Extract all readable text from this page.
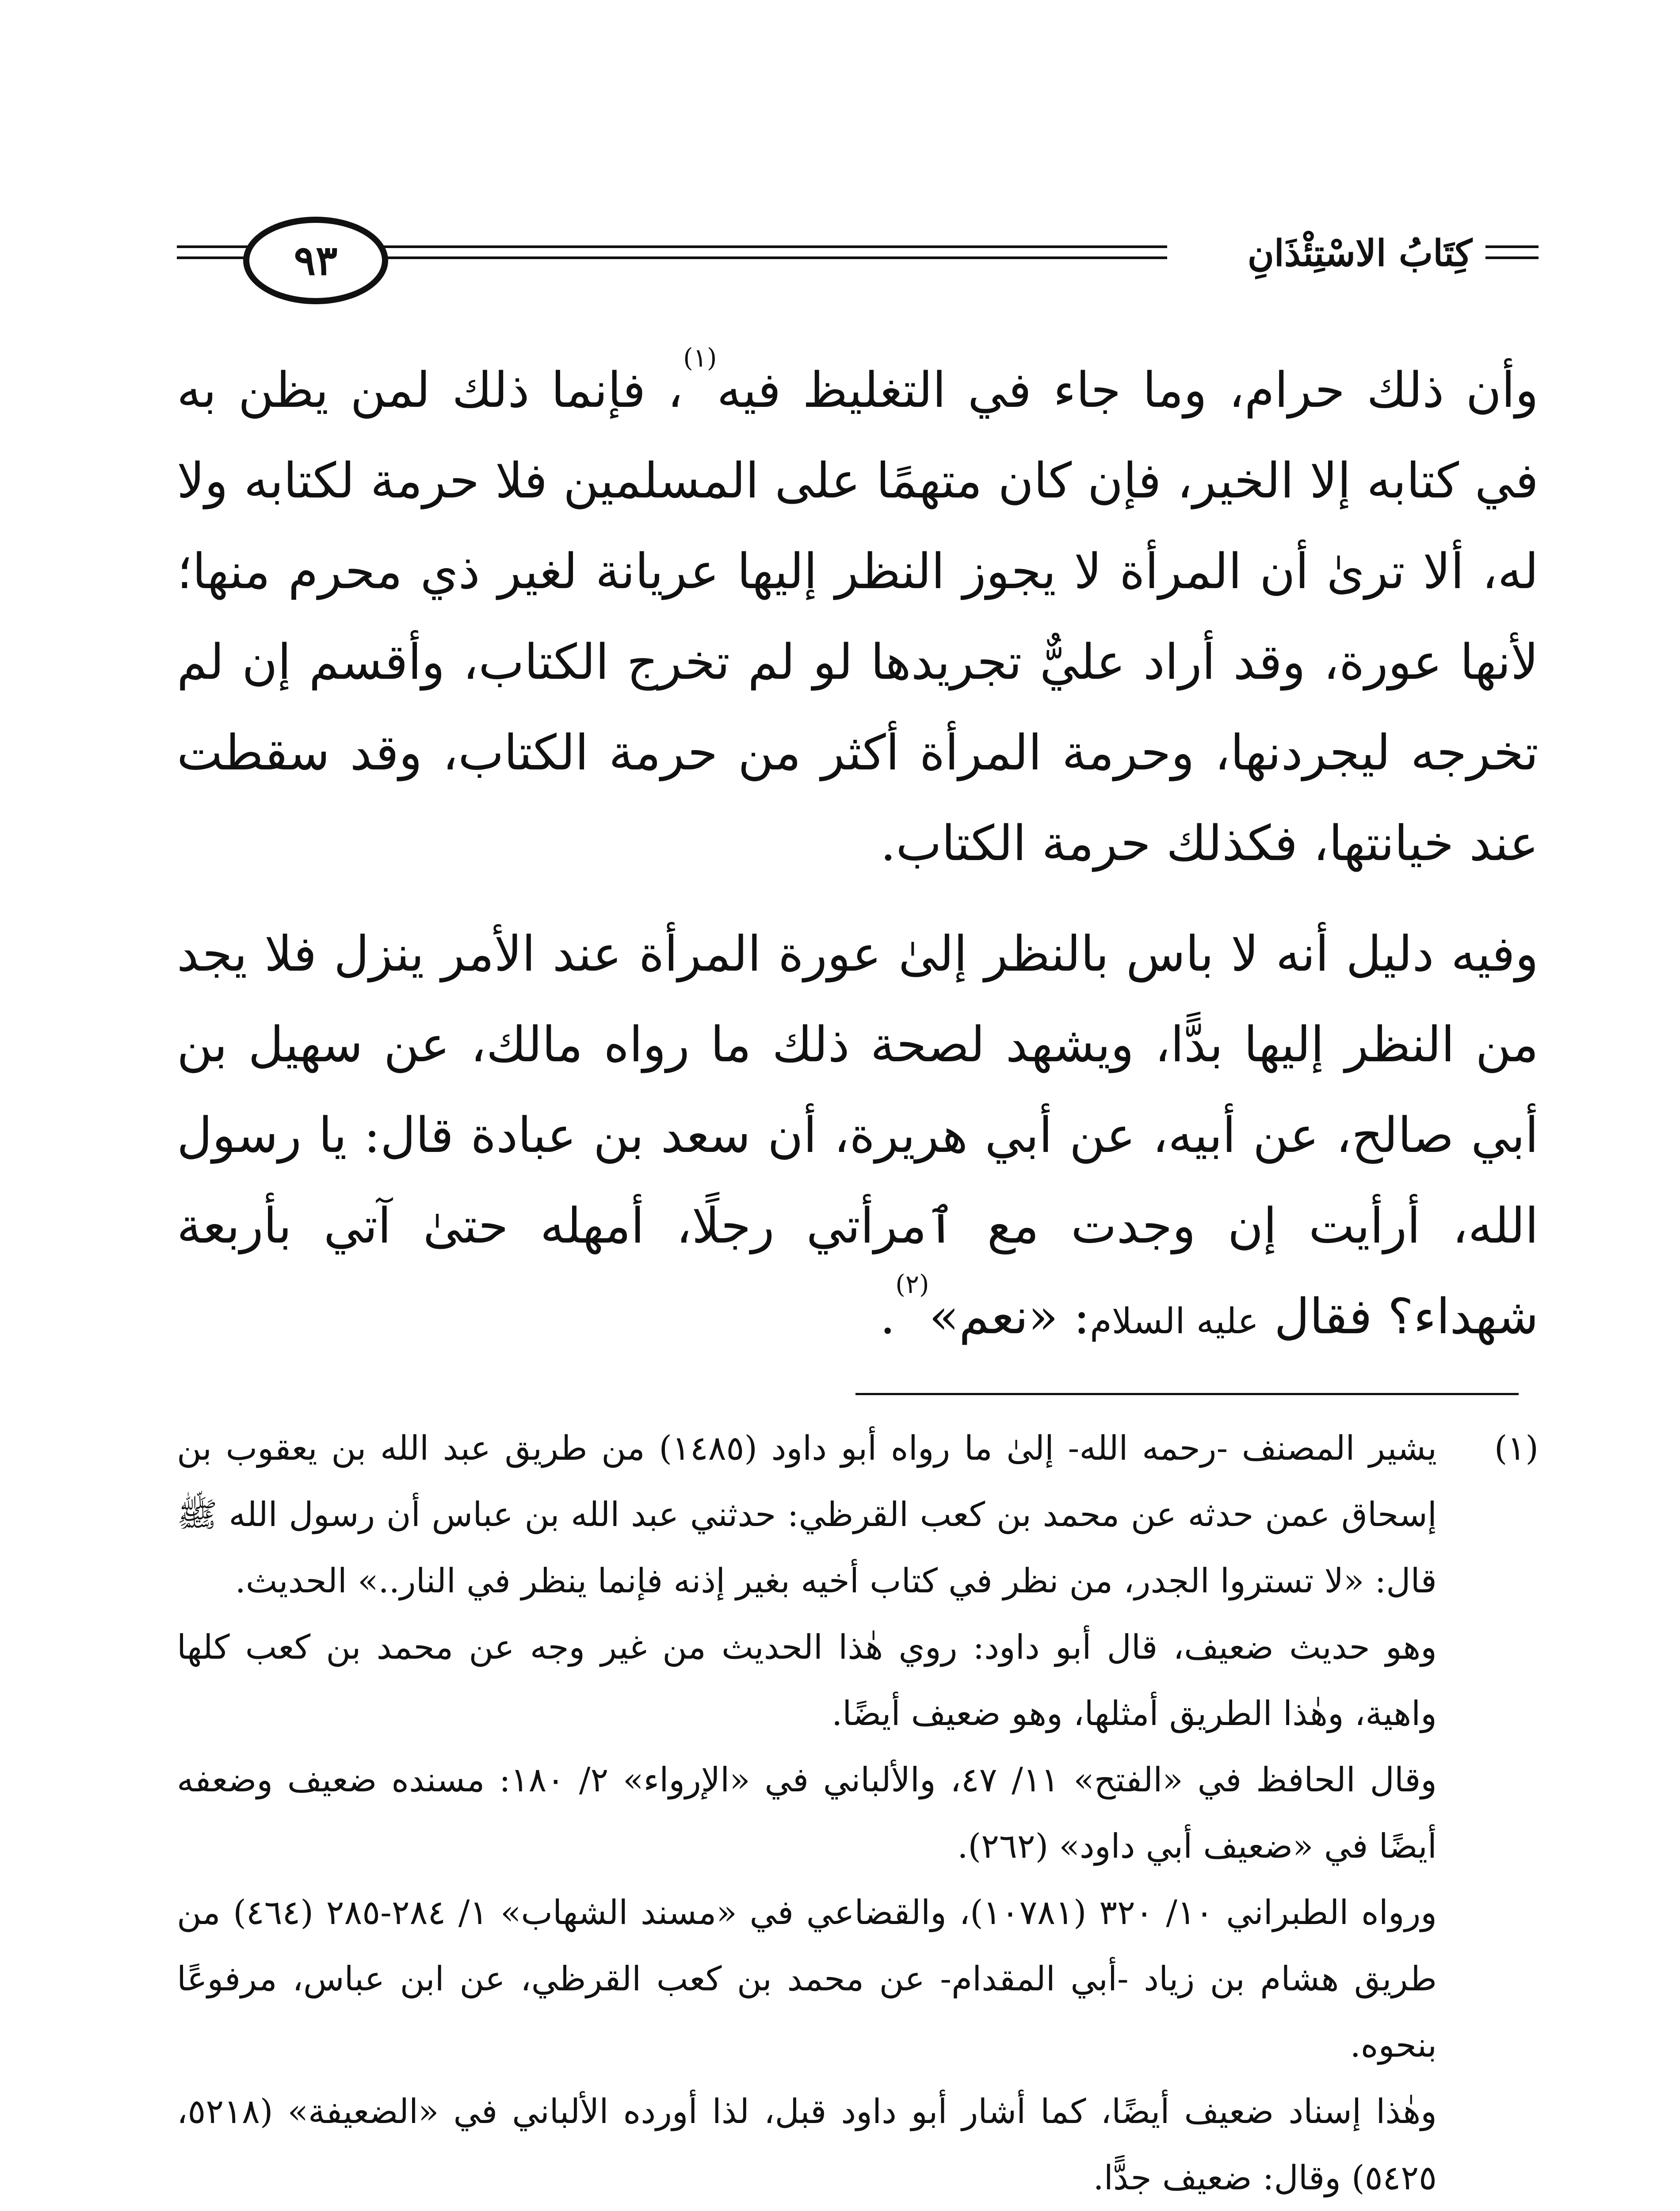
٩٣	كِتَابُ الاسْتِئْذَانِ

وأن ذلك حرام، وما جاء في التغليظ فيه$^{(١)}$، فإنما ذلك لمن يظن به في كتابه إلا الخير، فإن كان متهمًا على المسلمين فلا حرمة لكتابه ولا له، ألا ترىٰ أن المرأة لا يجوز النظر إليها عريانة لغير ذي محرم منها؛ لأنها عورة، وقد أراد عليٌّ تجريدها لو لم تخرج الكتاب، وأقسم إن لم تخرجه ليجردنها، وحرمة المرأة أكثر من حرمة الكتاب، وقد سقطت عند خيانتها، فكذلك حرمة الكتاب.

وفيه دليل أنه لا باس بالنظر إلىٰ عورة المرأة عند الأمر ينزل فلا يجد من النظر إليها بدًّا، ويشهد لصحة ذلك ما رواه مالك، عن سهيل بن أبي صالح، عن أبيه، عن أبي هريرة، أن سعد بن عبادة قال: يا رسول الله، أرأيت إن وجدت مع ٱمرأتي رجلًا، أمهله حتىٰ آتي بأربعة شهداء؟ فقال عليه السلام: «نعم»$^{(٢)}$.

(١)

يشير المصنف -رحمه الله- إلىٰ ما رواه أبو داود (١٤٨٥) من طريق عبد الله بن يعقوب بن إسحاق عمن حدثه عن محمد بن كعب القرظي: حدثني عبد الله بن عباس أن رسول الله ﷺ قال: «لا تستروا الجدر، من نظر في كتاب أخيه بغير إذنه فإنما ينظر في النار..» الحديث.

وهو حديث ضعيف، قال أبو داود: روي هٰذا الحديث من غير وجه عن محمد بن كعب كلها واهية، وهٰذا الطريق أمثلها، وهو ضعيف أيضًا.

وقال الحافظ في «الفتح» ١١/ ٤٧، والألباني في «الإرواء» ٢/ ١٨٠: مسنده ضعيف وضعفه أيضًا في «ضعيف أبي داود» (٢٦٢).

ورواه الطبراني ١٠/ ٣٢٠ (١٠٧٨١)، والقضاعي في «مسند الشهاب» ١/ ٢٨٤-٢٨٥ (٤٦٤) من طريق هشام بن زياد -أبي المقدام- عن محمد بن كعب القرظي، عن ابن عباس، مرفوعًا بنحوه.

وهٰذا إسناد ضعيف أيضًا، كما أشار أبو داود قبل، لذا أورده الألباني في «الضعيفة» (٥٢١٨، ٥٤٢٥) وقال: ضعيف جدًّا.
